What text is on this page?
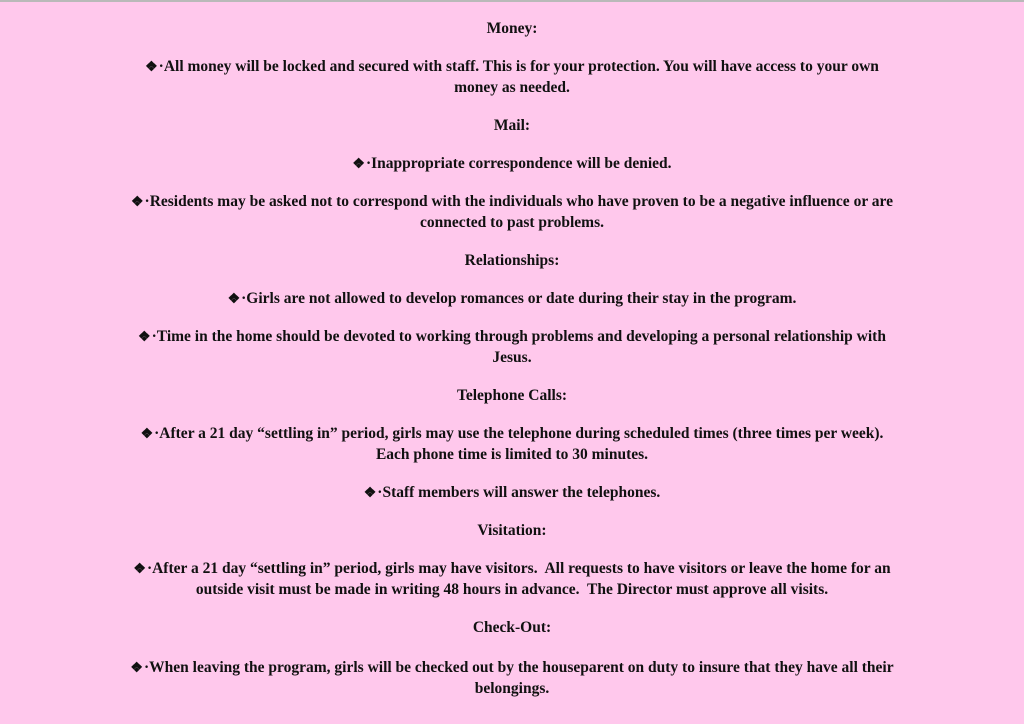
Money:
❖·All money will be locked and secured with staff. This is for your protection. You will have access to your own
money as needed.
Mail:
❖·Inappropriate correspondence will be denied.
❖·Residents may be asked not to correspond with the individuals who have proven to be a negative influence or are
connected to past problems.
Relationships:
❖·Girls are not allowed to develop romances or date during their stay in the program.
❖·Time in the home should be devoted to working through problems and developing a personal relationship with
Jesus.
Telephone Calls:
❖·After a 21 day “settling in” period, girls may use the telephone during scheduled times (three times per week).
Each phone time is limited to 30 minutes.
❖·Staff members will answer the telephones.
Visitation:
❖·After a 21 day “settling in” period, girls may have visitors.  All requests to have visitors or leave the home for an
outside visit must be made in writing 48 hours in advance.  The Director must approve all visits.
Check-Out:
❖·When leaving the program, girls will be checked out by the houseparent on duty to insure that they have all their
belongings.
